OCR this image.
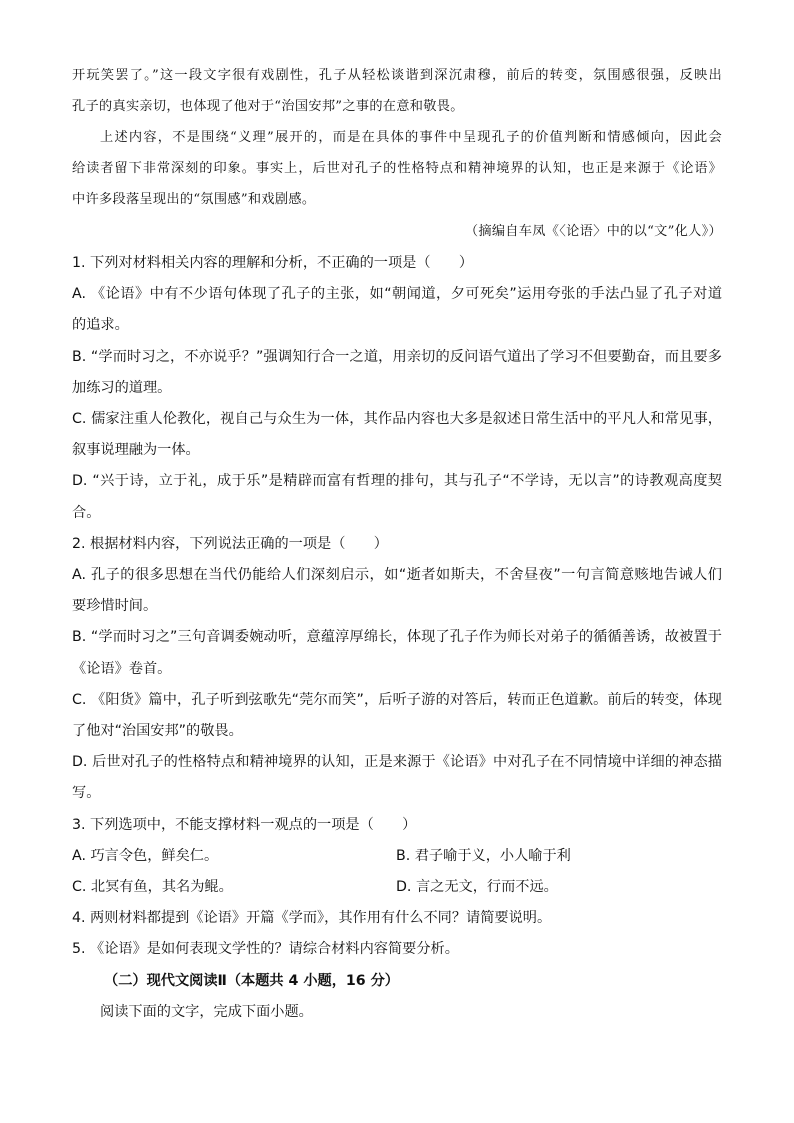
开玩笑罢了。”这一段文字很有戏剧性，孔子从轻松谈谐到深沉肃穆，前后的转变，氛围感很强，反映出
孔子的真实亲切，也体现了他对于“治国安邦”之事的在意和敬畏。
上述内容，不是围绕“义理”展开的，而是在具体的事件中呈现孔子的价值判断和情感倾向，因此会
给读者留下非常深刻的印象。事实上，后世对孔子的性格特点和精神境界的认知，也正是来源于《论语》
中许多段落呈现出的“氛围感”和戏剧感。
（摘编自车凤《〈论语〉中的以“文”化人》）
1. 下列对材料相关内容的理解和分析，不正确的一项是（　　）
A. 《论语》中有不少语句体现了孔子的主张，如“朝闻道，夕可死矣”运用夸张的手法凸显了孔子对道
的追求。
B. “学而时习之，不亦说乎？”强调知行合一之道，用亲切的反问语气道出了学习不但要勤奋，而且要多
加练习的道理。
C. 儒家注重人伦教化，视自己与众生为一体，其作品内容也大多是叙述日常生活中的平凡人和常见事，
叙事说理融为一体。
D. “兴于诗，立于礼，成于乐”是精辟而富有哲理的排句，其与孔子“不学诗，无以言”的诗教观高度契
合。
2. 根据材料内容，下列说法正确的一项是（　　）
A. 孔子的很多思想在当代仍能给人们深刻启示，如“逝者如斯夫，不舍昼夜”一句言简意赅地告诫人们
要珍惜时间。
B. “学而时习之”三句音调委婉动听，意蕴淳厚绵长，体现了孔子作为师长对弟子的循循善诱，故被置于
《论语》卷首。
C. 《阳货》篇中，孔子听到弦歌先“莞尔而笑”，后听子游的对答后，转而正色道歉。前后的转变，体现
了他对“治国安邦”的敬畏。
D. 后世对孔子的性格特点和精神境界的认知，正是来源于《论语》中对孔子在不同情境中详细的神态描
写。
3. 下列选项中，不能支撑材料一观点的一项是（　　）
A. 巧言令色，鲜矣仁。	B. 君子喻于义，小人喻于利
C. 北冥有鱼，其名为鲲。	D. 言之无文，行而不远。
4. 两则材料都提到《论语》开篇《学而》，其作用有什么不同？请简要说明。
5. 《论语》是如何表现文学性的？请综合材料内容简要分析。
（二）现代文阅读Ⅱ（本题共 4 小题，16 分）
阅读下面的文字，完成下面小题。
